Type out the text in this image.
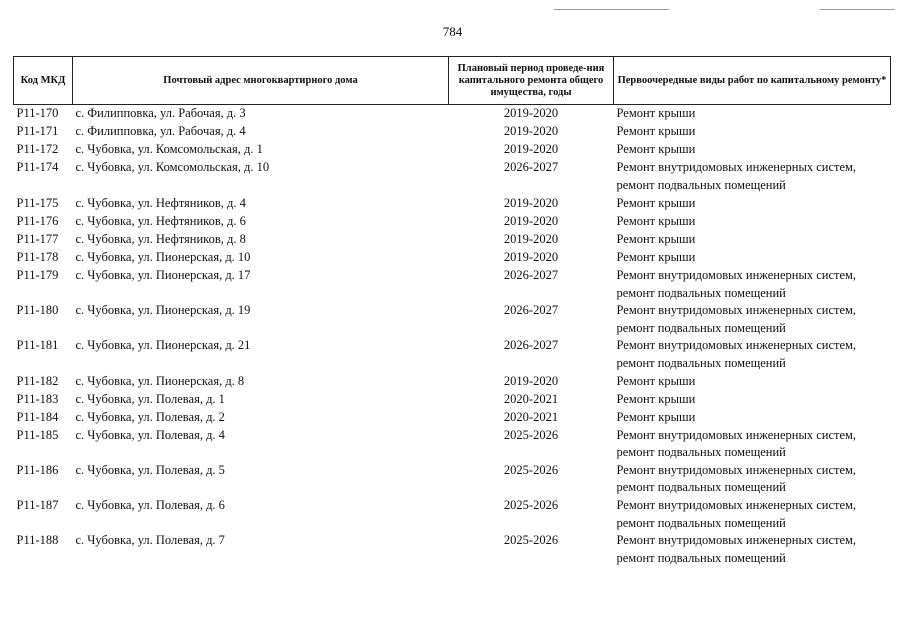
784
Код МКД	Почтовый адрес многоквартирного дома	Плановый период проведе-ния капитального ремонта общего имущества, годы	Первоочередные виды работ по капитальному ремонту*
Р11-170	с. Филипповка, ул. Рабочая, д. 3	2019-2020	Ремонт крыши

Р11-171	с. Филипповка, ул. Рабочая, д. 4	2019-2020	Ремонт крыши

Р11-172	с. Чубовка, ул. Комсомольская, д. 1	2019-2020	Ремонт крыши

Р11-174	с. Чубовка, ул. Комсомольская, д. 10	2026-2027	Ремонт внутридомовых инженерных систем,
ремонт подвальных помещений

Р11-175	с. Чубовка, ул. Нефтяников, д. 4	2019-2020	Ремонт крыши

Р11-176	с. Чубовка, ул. Нефтяников, д. 6	2019-2020	Ремонт крыши

Р11-177	с. Чубовка, ул. Нефтяников, д. 8	2019-2020	Ремонт крыши

Р11-178	с. Чубовка, ул. Пионерская, д. 10	2019-2020	Ремонт крыши

Р11-179	с. Чубовка, ул. Пионерская, д. 17	2026-2027	Ремонт внутридомовых инженерных систем,
ремонт подвальных помещений

Р11-180	с. Чубовка, ул. Пионерская, д. 19	2026-2027	Ремонт внутридомовых инженерных систем,
ремонт подвальных помещений

Р11-181	с. Чубовка, ул. Пионерская, д. 21	2026-2027	Ремонт внутридомовых инженерных систем,
ремонт подвальных помещений

Р11-182	с. Чубовка, ул. Пионерская, д. 8	2019-2020	Ремонт крыши

Р11-183	с. Чубовка, ул. Полевая, д. 1	2020-2021	Ремонт крыши

Р11-184	с. Чубовка, ул. Полевая, д. 2	2020-2021	Ремонт крыши

Р11-185	с. Чубовка, ул. Полевая, д. 4	2025-2026	Ремонт внутридомовых инженерных систем,
ремонт подвальных помещений

Р11-186	с. Чубовка, ул. Полевая, д. 5	2025-2026	Ремонт внутридомовых инженерных систем,
ремонт подвальных помещений

Р11-187	с. Чубовка, ул. Полевая, д. 6	2025-2026	Ремонт внутридомовых инженерных систем,
ремонт подвальных помещений

Р11-188	с. Чубовка, ул. Полевая, д. 7	2025-2026	Ремонт внутридомовых инженерных систем,
ремонт подвальных помещений
